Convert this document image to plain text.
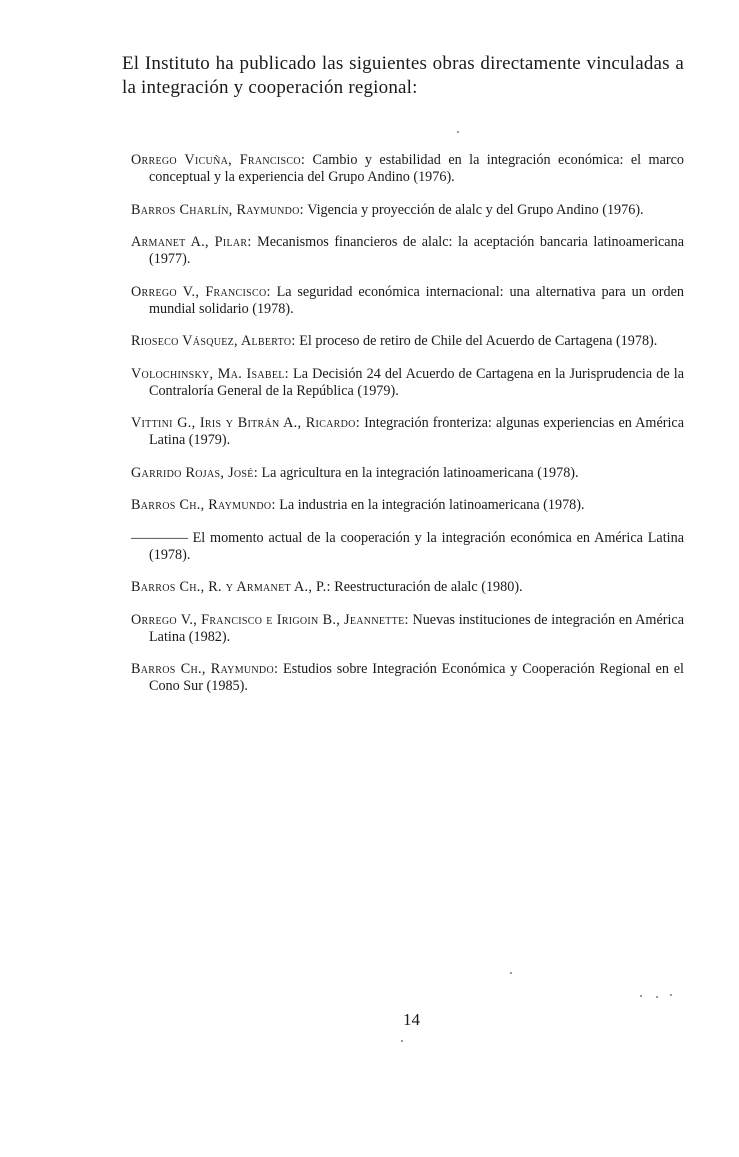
El Instituto ha publicado las siguientes obras directamente vinculadas a la integración y cooperación regional:

Orrego Vicuña, Francisco: Cambio y estabilidad en la integración económica: el marco conceptual y la experiencia del Grupo Andino (1976).
Barros Charlín, Raymundo: Vigencia y proyección de alalc y del Grupo Andino (1976).
Armanet A., Pilar: Mecanismos financieros de alalc: la aceptación bancaria latinoamericana (1977).
Orrego V., Francisco: La seguridad económica internacional: una alternativa para un orden mundial solidario (1978).
Rioseco Vásquez, Alberto: El proceso de retiro de Chile del Acuerdo de Cartagena (1978).
Volochinsky, Ma. Isabel: La Decisión 24 del Acuerdo de Cartagena en la Jurisprudencia de la Contraloría General de la República (1979).
Vittini G., Iris y Bitrán A., Ricardo: Integración fronteriza: algunas experiencias en América Latina (1979).
Garrido Rojas, José: La agricultura en la integración latinoamericana (1978).
Barros Ch., Raymundo: La industria en la integración latinoamericana (1978).
———— El momento actual de la cooperación y la integración económica en América Latina (1978).
Barros Ch., R. y Armanet A., P.: Reestructuración de alalc (1980).
Orrego V., Francisco e Irigoin B., Jeannette: Nuevas instituciones de integración en América Latina (1982).
Barros Ch., Raymundo: Estudios sobre Integración Económica y Cooperación Regional en el Cono Sur (1985).
14
